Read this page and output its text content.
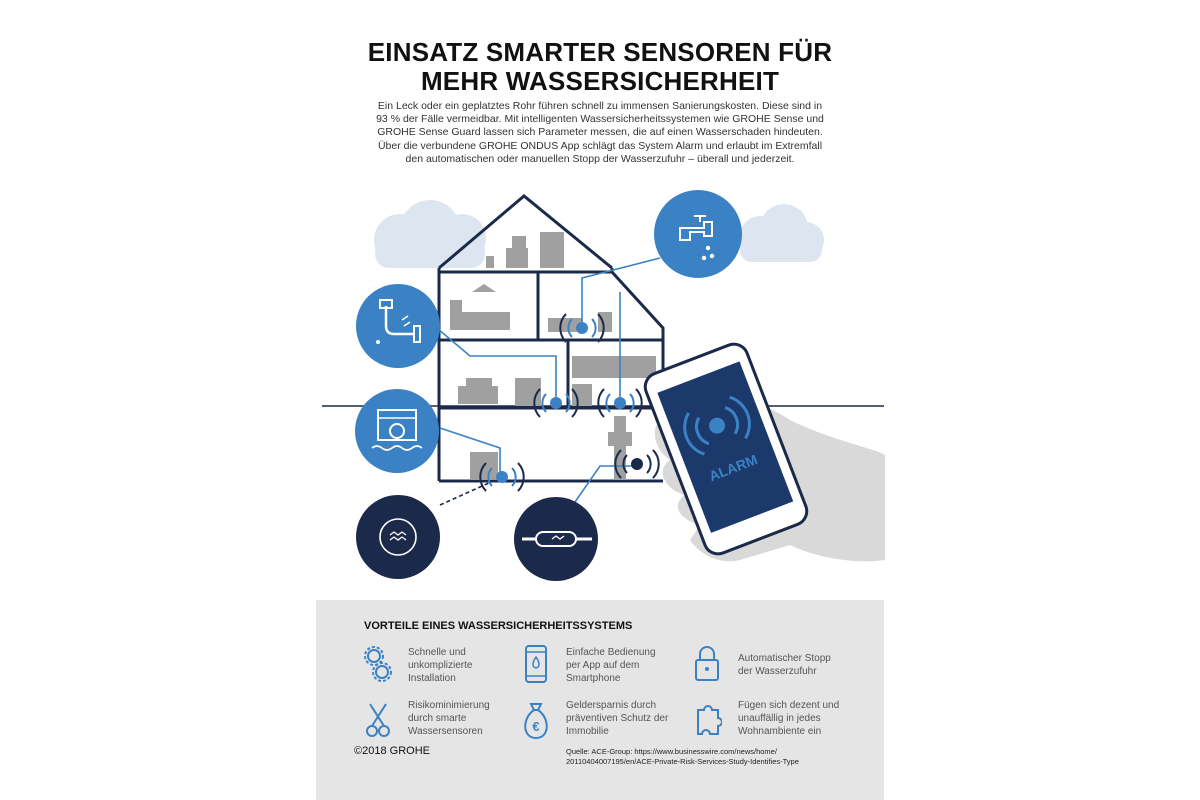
EINSATZ SMARTER SENSOREN FÜR
MEHR WASSERSICHERHEIT
Ein Leck oder ein geplatztes Rohr führen schnell zu immensen Sanierungskosten. Diese sind in
93 % der Fälle vermeidbar. Mit intelligenten Wassersicherheitssystemen wie GROHE Sense und
GROHE Sense Guard lassen sich Parameter messen, die auf einen Wasserschaden hindeuten.
Über die verbundene GROHE ONDUS App schlägt das System Alarm und erlaubt im Extremfall
den automatischen oder manuellen Stopp der Wasserzufuhr – überall und jederzeit.
ALARM
VORTEILE EINES WASSERSICHERHEITSSYSTEMS
Schnelle und
unkomplizierte
Installation
Einfache Bedienung
per App auf dem
Smartphone
Automatischer Stopp
der Wasserzufuhr
Risikominimierung
durch smarte
Wassersensoren	€
Geldersparnis durch
präventiven Schutz der
Immobilie
Fügen sich dezent und
unauffällig in jedes
Wohnambiente ein
©2018 GROHE	Quelle: ACE-Group: https://www.businesswire.com/news/home/
20110404007195/en/ACE-Private-Risk-Services-Study-Identifies-Type
